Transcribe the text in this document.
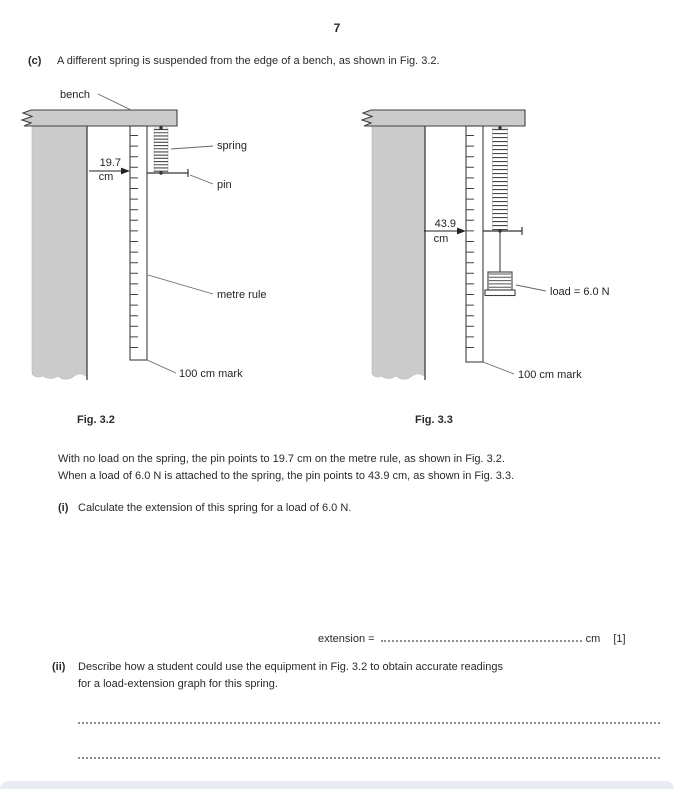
7
(c) A different spring is suspended from the edge of a bench, as shown in Fig. 3.2.
bench
19.7
cm
spring
pin
metre rule
100 cm mark
43.9
cm
load = 6.0 N
100 cm mark
Fig. 3.2	Fig. 3.3
With no load on the spring, the pin points to 19.7 cm on the metre rule, as shown in Fig. 3.2.
When a load of 6.0 N is attached to the spring, the pin points to 43.9 cm, as shown in Fig. 3.3.
(i) Calculate the extension of this spring for a load of 6.0 N.
extension =	cm [1]
(ii) Describe how a student could use the equipment in Fig. 3.2 to obtain accurate readings
for a load-extension graph for this spring.
